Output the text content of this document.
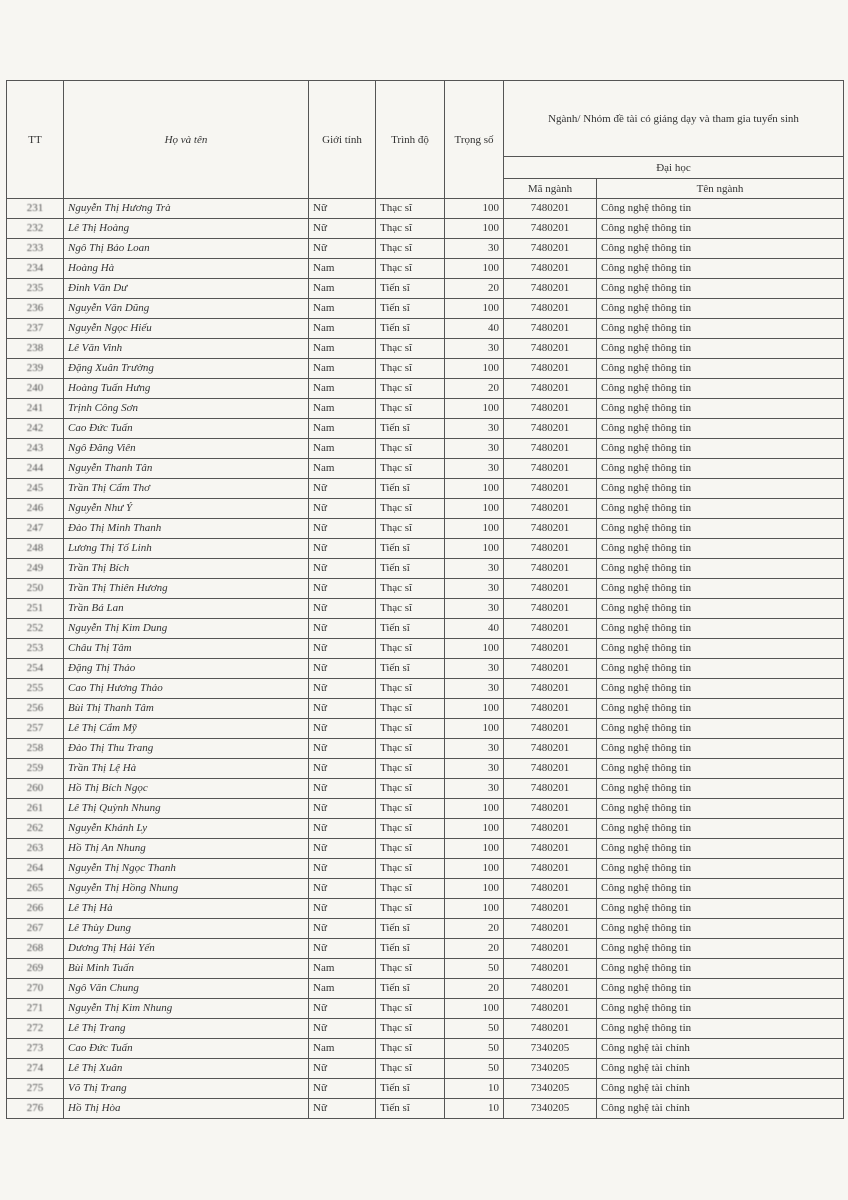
TT	Họ và tên	Giới tính	Trình độ	Trọng số	Ngành/ Nhóm đề tài có giảng dạy và tham gia tuyển sinh	
					Đại học	
					Mã ngành	Tên ngành
231	Nguyễn Thị Hương Trà	Nữ	Thạc sĩ	100	7480201	Công nghệ thông tin
232	Lê Thị Hoàng	Nữ	Thạc sĩ	100	7480201	Công nghệ thông tin
233	Ngô Thị Bảo Loan	Nữ	Thạc sĩ	30	7480201	Công nghệ thông tin
234	Hoàng Hà	Nam	Thạc sĩ	100	7480201	Công nghệ thông tin
235	Đinh Văn Dư	Nam	Tiến sĩ	20	7480201	Công nghệ thông tin
236	Nguyễn Văn Dũng	Nam	Tiến sĩ	100	7480201	Công nghệ thông tin
237	Nguyễn Ngọc Hiếu	Nam	Tiến sĩ	40	7480201	Công nghệ thông tin
238	Lê Văn Vinh	Nam	Thạc sĩ	30	7480201	Công nghệ thông tin
239	Đặng Xuân Trường	Nam	Thạc sĩ	100	7480201	Công nghệ thông tin
240	Hoàng Tuấn Hưng	Nam	Thạc sĩ	20	7480201	Công nghệ thông tin
241	Trịnh Công Sơn	Nam	Thạc sĩ	100	7480201	Công nghệ thông tin
242	Cao Đức Tuấn	Nam	Tiến sĩ	30	7480201	Công nghệ thông tin
243	Ngô Đăng Viên	Nam	Thạc sĩ	30	7480201	Công nghệ thông tin
244	Nguyễn Thanh Tân	Nam	Thạc sĩ	30	7480201	Công nghệ thông tin
245	Trần Thị Cẩm Thơ	Nữ	Tiến sĩ	100	7480201	Công nghệ thông tin
246	Nguyễn Như Ý	Nữ	Thạc sĩ	100	7480201	Công nghệ thông tin
247	Đào Thị Minh Thanh	Nữ	Thạc sĩ	100	7480201	Công nghệ thông tin
248	Lương Thị Tố Linh	Nữ	Tiến sĩ	100	7480201	Công nghệ thông tin
249	Trần Thị Bích	Nữ	Tiến sĩ	30	7480201	Công nghệ thông tin
250	Trần Thị Thiên Hương	Nữ	Thạc sĩ	30	7480201	Công nghệ thông tin
251	Trần Bá Lan	Nữ	Thạc sĩ	30	7480201	Công nghệ thông tin
252	Nguyễn Thị Kim Dung	Nữ	Tiến sĩ	40	7480201	Công nghệ thông tin
253	Châu Thị Tâm	Nữ	Thạc sĩ	100	7480201	Công nghệ thông tin
254	Đặng Thị Thảo	Nữ	Tiến sĩ	30	7480201	Công nghệ thông tin
255	Cao Thị Hương Thảo	Nữ	Thạc sĩ	30	7480201	Công nghệ thông tin
256	Bùi Thị Thanh Tâm	Nữ	Thạc sĩ	100	7480201	Công nghệ thông tin
257	Lê Thị Cẩm Mỹ	Nữ	Thạc sĩ	100	7480201	Công nghệ thông tin
258	Đào Thị Thu Trang	Nữ	Thạc sĩ	30	7480201	Công nghệ thông tin
259	Trần Thị Lệ Hà	Nữ	Thạc sĩ	30	7480201	Công nghệ thông tin
260	Hồ Thị Bích Ngọc	Nữ	Thạc sĩ	30	7480201	Công nghệ thông tin
261	Lê Thị Quỳnh Nhung	Nữ	Thạc sĩ	100	7480201	Công nghệ thông tin
262	Nguyễn Khánh Ly	Nữ	Thạc sĩ	100	7480201	Công nghệ thông tin
263	Hồ Thị An Nhung	Nữ	Thạc sĩ	100	7480201	Công nghệ thông tin
264	Nguyễn Thị Ngọc Thanh	Nữ	Thạc sĩ	100	7480201	Công nghệ thông tin
265	Nguyễn Thị Hồng Nhung	Nữ	Thạc sĩ	100	7480201	Công nghệ thông tin
266	Lê Thị Hà	Nữ	Thạc sĩ	100	7480201	Công nghệ thông tin
267	Lê Thùy Dung	Nữ	Tiến sĩ	20	7480201	Công nghệ thông tin
268	Dương Thị Hải Yến	Nữ	Tiến sĩ	20	7480201	Công nghệ thông tin
269	Bùi Minh Tuấn	Nam	Thạc sĩ	50	7480201	Công nghệ thông tin
270	Ngô Văn Chung	Nam	Tiến sĩ	20	7480201	Công nghệ thông tin
271	Nguyễn Thị Kim Nhung	Nữ	Thạc sĩ	100	7480201	Công nghệ thông tin
272	Lê Thị Trang	Nữ	Thạc sĩ	50	7480201	Công nghệ thông tin
273	Cao Đức Tuấn	Nam	Thạc sĩ	50	7340205	Công nghệ tài chính
274	Lê Thị Xuân	Nữ	Thạc sĩ	50	7340205	Công nghệ tài chính
275	Võ Thị Trang	Nữ	Tiến sĩ	10	7340205	Công nghệ tài chính
276	Hồ Thị Hòa	Nữ	Tiến sĩ	10	7340205	Công nghệ tài chính
